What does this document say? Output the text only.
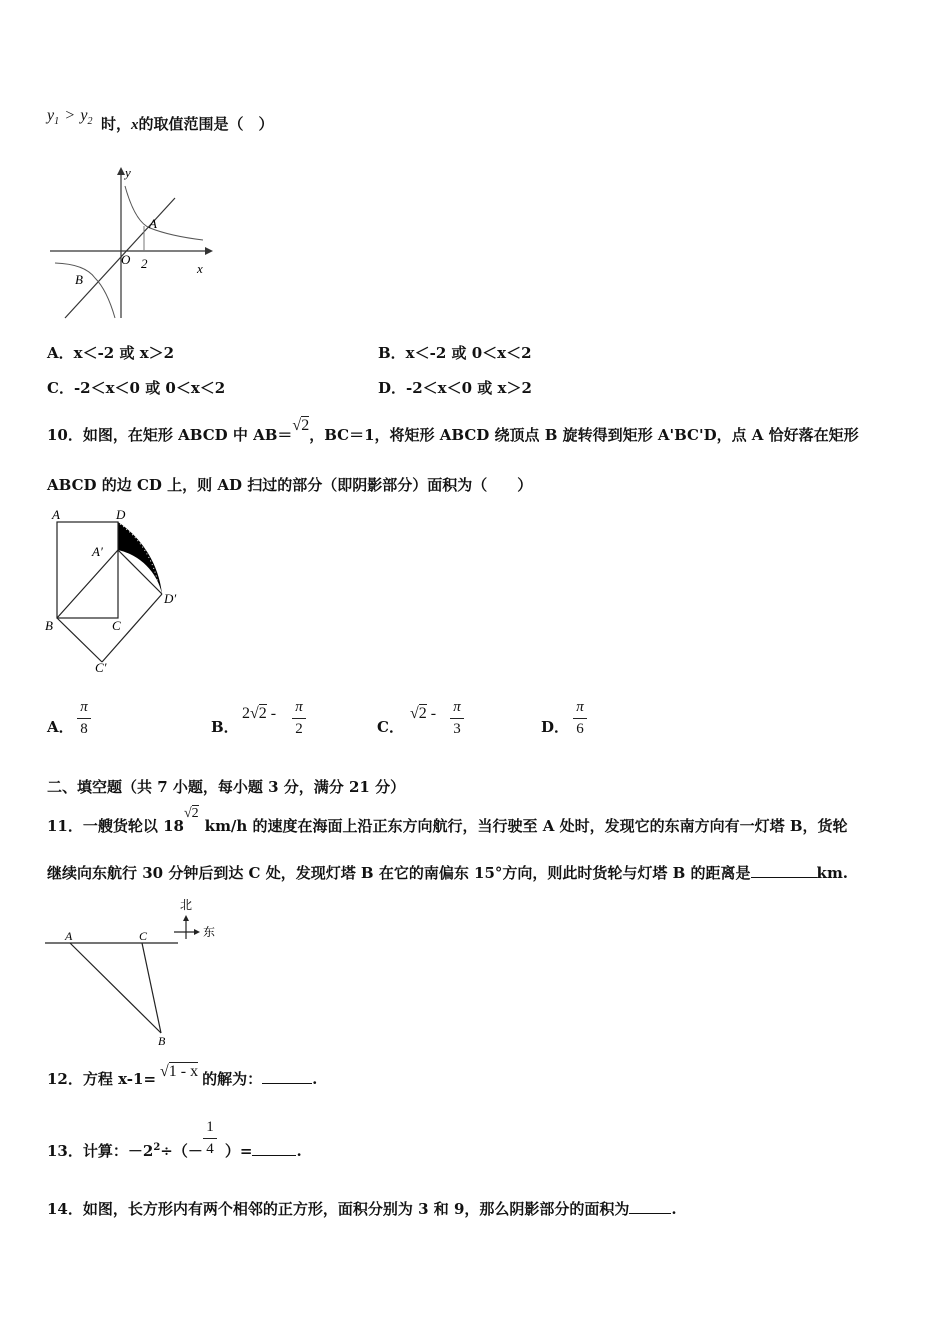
$y_1 > y_2$ 时，x的取值范围是（　）
y
x
O 2
A
B
A．x＜-2 或 x＞2	B．x＜-2 或 0＜x＜2
C．-2＜x＜0 或 0＜x＜2	D．-2＜x＜0 或 x＞2
10．如图，在矩形 ABCD 中 AB＝√2，BC＝1，将矩形 ABCD 绕顶点 B 旋转得到矩形 A'BC'D，点 A 恰好落在矩形
ABCD 的边 CD 上，则 AD 扫过的部分（即阴影部分）面积为（　　）
A	D
A′
B	C
C′
D′
A．
π
8	B．
2√2 - π
2	C．
√2 - π
3	D．
π
6
二、填空题（共 7 小题，每小题 3 分，满分 21 分）
11．一艘货轮以 18√2km/h 的速度在海面上沿正东方向航行，当行驶至 A 处时，发现它的东南方向有一灯塔 B，货轮
继续向东航行 30 分钟后到达 C 处，发现灯塔 B 在它的南偏东 15°方向，则此时货轮与灯塔 B 的距离是	km.
北
东
A	C
B
12．方程 x-1= √1 - x 的解为：	.
13．计算：$-2^2\div(-$ ）=	.
1
4
14．如图，长方形内有两个相邻的正方形，面积分别为 3 和 9，那么阴影部分的面积为	.
